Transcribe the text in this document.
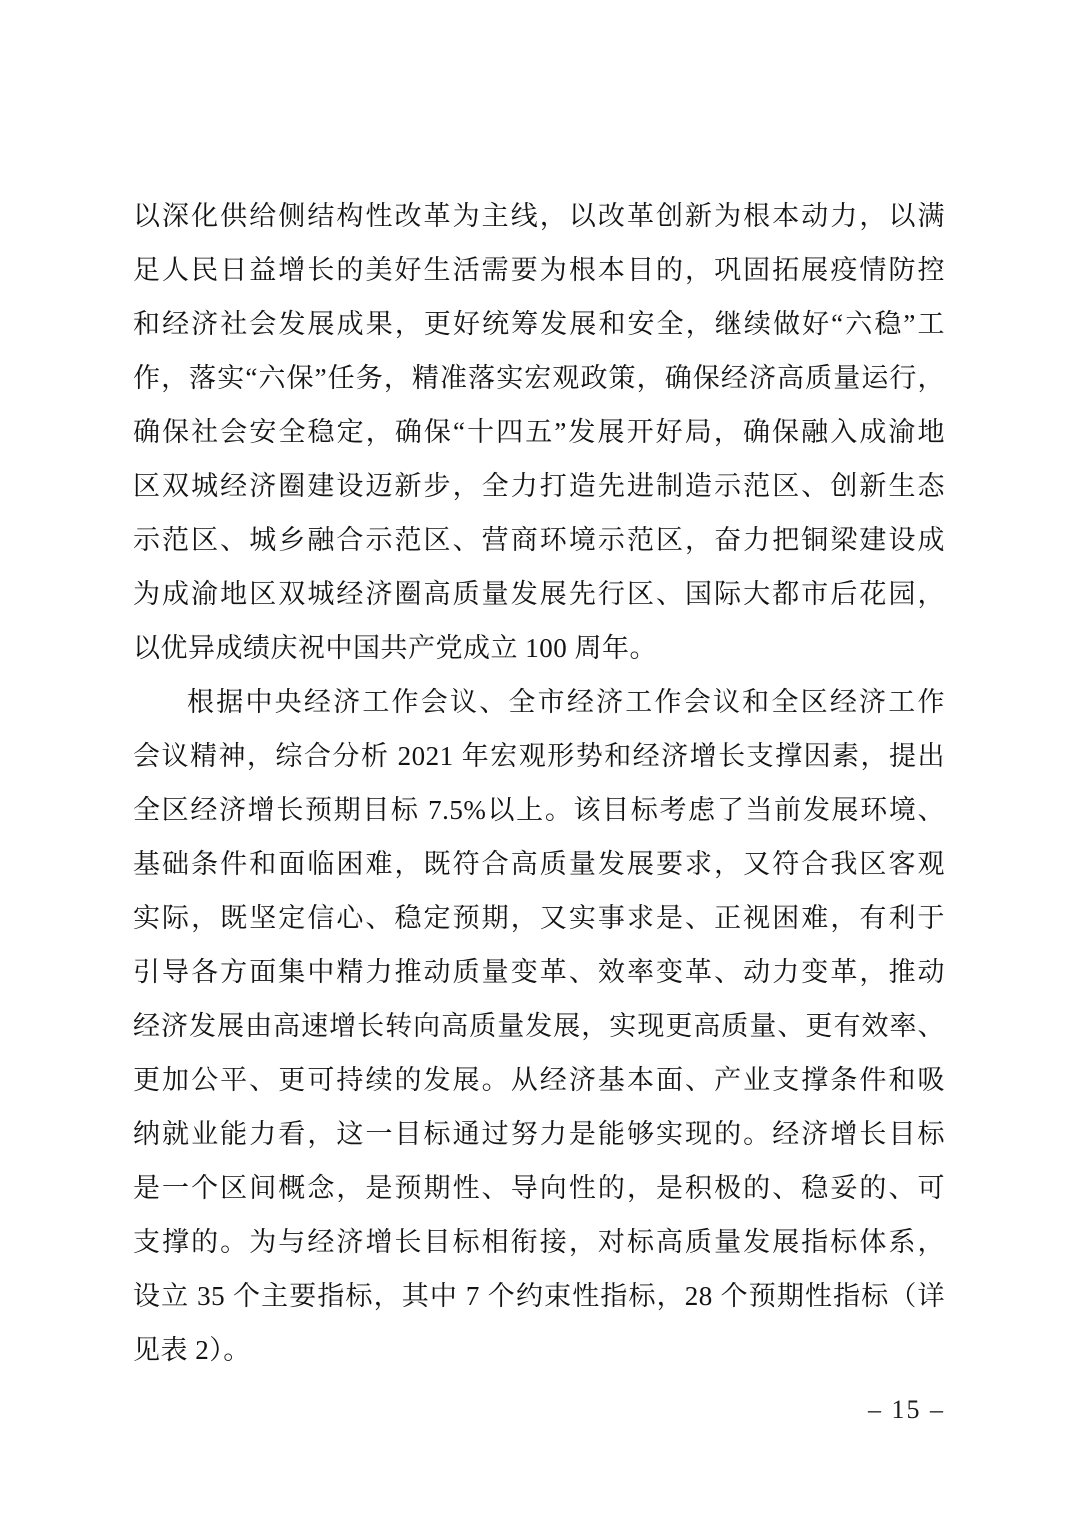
以深化供给侧结构性改革为主线，以改革创新为根本动力，以满
足人民日益增长的美好生活需要为根本目的，巩固拓展疫情防控
和经济社会发展成果，更好统筹发展和安全，继续做好“六稳”工
作，落实“六保”任务，精准落实宏观政策，确保经济高质量运行，
确保社会安全稳定，确保“十四五”发展开好局，确保融入成渝地
区双城经济圈建设迈新步，全力打造先进制造示范区、创新生态
示范区、城乡融合示范区、营商环境示范区，奋力把铜梁建设成
为成渝地区双城经济圈高质量发展先行区、国际大都市后花园，
以优异成绩庆祝中国共产党成立 100 周年。
根据中央经济工作会议、全市经济工作会议和全区经济工作
会议精神，综合分析 2021 年宏观形势和经济增长支撑因素，提出
全区经济增长预期目标 7.5%以上。该目标考虑了当前发展环境、
基础条件和面临困难，既符合高质量发展要求，又符合我区客观
实际，既坚定信心、稳定预期，又实事求是、正视困难，有利于
引导各方面集中精力推动质量变革、效率变革、动力变革，推动
经济发展由高速增长转向高质量发展，实现更高质量、更有效率、
更加公平、更可持续的发展。从经济基本面、产业支撑条件和吸
纳就业能力看，这一目标通过努力是能够实现的。经济增长目标
是一个区间概念，是预期性、导向性的，是积极的、稳妥的、可
支撑的。为与经济增长目标相衔接，对标高质量发展指标体系，
设立 35 个主要指标，其中 7 个约束性指标，28 个预期性指标（详
见表 2）。
– 15 –
